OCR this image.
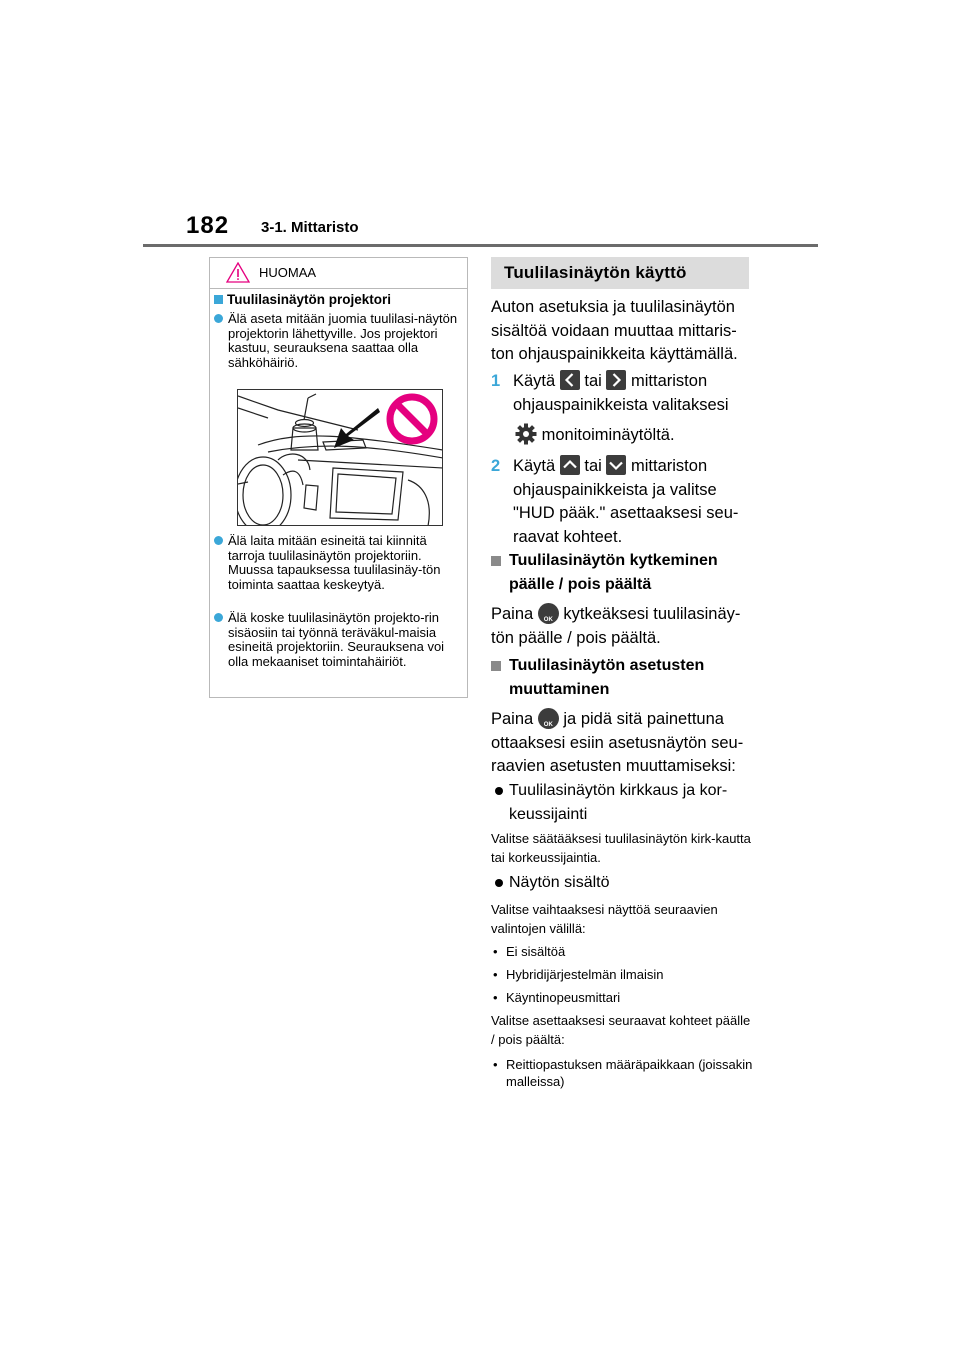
182 3-1. Mittaristo
HUOMAA
Tuulilasinäytön projektori
Älä aseta mitään juomia tuulilasi-näytön projektorin lähettyville. Jos projektori kastuu, seurauksena saattaa olla sähköhäiriö.
Älä laita mitään esineitä tai kiinnitä tarroja tuulilasinäytön projektoriin. Muussa tapauksessa tuulilasinäy-tön toiminta saattaa keskeytyä.
Älä koske tuulilasinäytön projekto-rin sisäosiin tai työnnä teräväkul-maisia esineitä projektoriin. Seurauksena voi olla mekaaniset toimintahäiriöt.
Tuulilasinäytön käyttö
Auton asetuksia ja tuulilasinäytön sisältöä voidaan muuttaa mittaris-ton ohjauspainikkeita käyttämällä.
1 Käytä tai mittariston ohjauspainikkeista valitaksesi
monitoiminäytöltä.
2 Käytä tai mittariston ohjauspainikkeista ja valitse "HUD pääk." asettaaksesi seu-raavat kohteet.
Tuulilasinäytön kytkeminen päälle / pois päältä
Paina	OK kytkeäksesi tuulilasinäy-tön päälle / pois päältä.
Tuulilasinäytön asetusten muuttaminen
Paina	OK ja pidä sitä painettuna ottaaksesi esiin asetusnäytön seu-raavien asetusten muuttamiseksi:
Tuulilasinäytön kirkkaus ja kor-keussijainti
Valitse säätääksesi tuulilasinäytön kirk-kautta tai korkeussijaintia.
Näytön sisältö
Valitse vaihtaaksesi näyttöä seuraavien valintojen välillä:
• Ei sisältöä
• Hybridijärjestelmän ilmaisin
• Käyntinopeusmittari
Valitse asettaaksesi seuraavat kohteet päälle / pois päältä:
• Reittiopastuksen määräpaikkaan (joissakin malleissa)
